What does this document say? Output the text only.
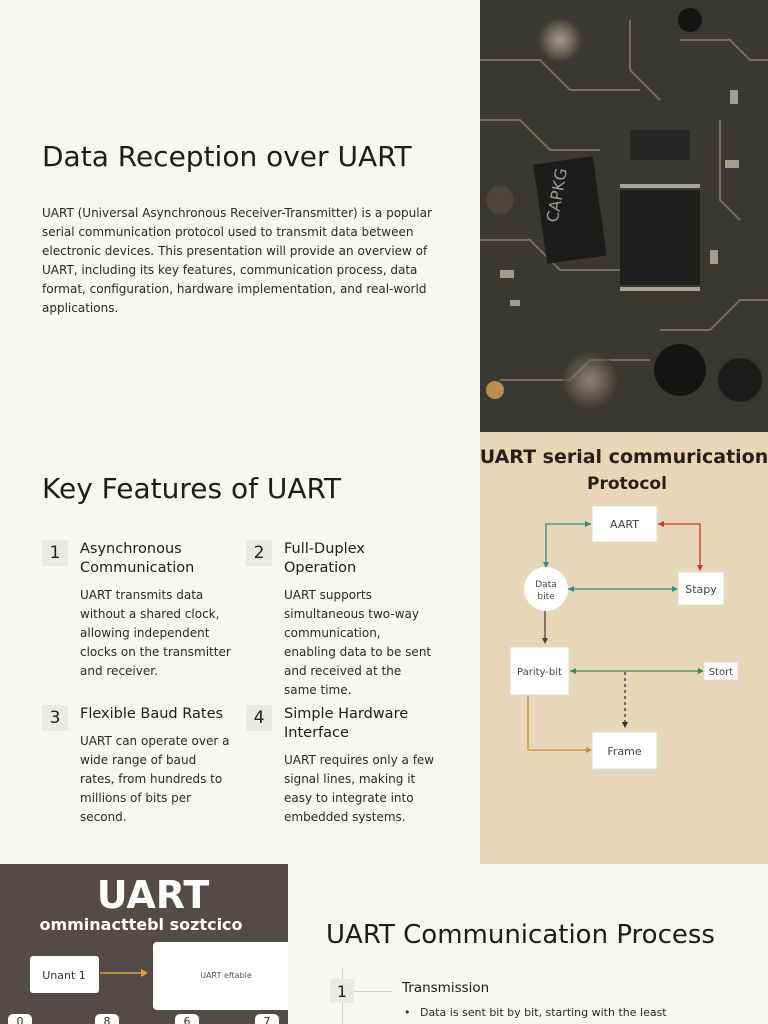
Data Reception over UART

UART (Universal Asynchronous Receiver-Transmitter) is a popular serial communication protocol used to transmit data between electronic devices. This presentation will provide an overview of UART, including its key features, communication process, data format, configuration, hardware implementation, and real-world applications.

CAPKG
Key Features of UART
1	Asynchronous Communication
UART transmits data without a shared clock, allowing independent clocks on the transmitter and receiver.
2	Full-Duplex Operation
UART supports simultaneous two-way communication, enabling data to be sent and received at the same time.
3	Flexible Baud Rates
UART can operate over a wide range of baud rates, from hundreds to millions of bits per second.
4	Simple Hardware Interface
UART requires only a few signal lines, making it easy to integrate into embedded systems.
UART serial commurication
Protocol
AART
Data
bite
Stapy
Parity-bit	Stort
Frame
UART
omminacttebl soztcico
Unant 1	UART eftable
0	8	6	7
UART Communication Process
1	Transmission
• Data is sent bit by bit, starting with the least
